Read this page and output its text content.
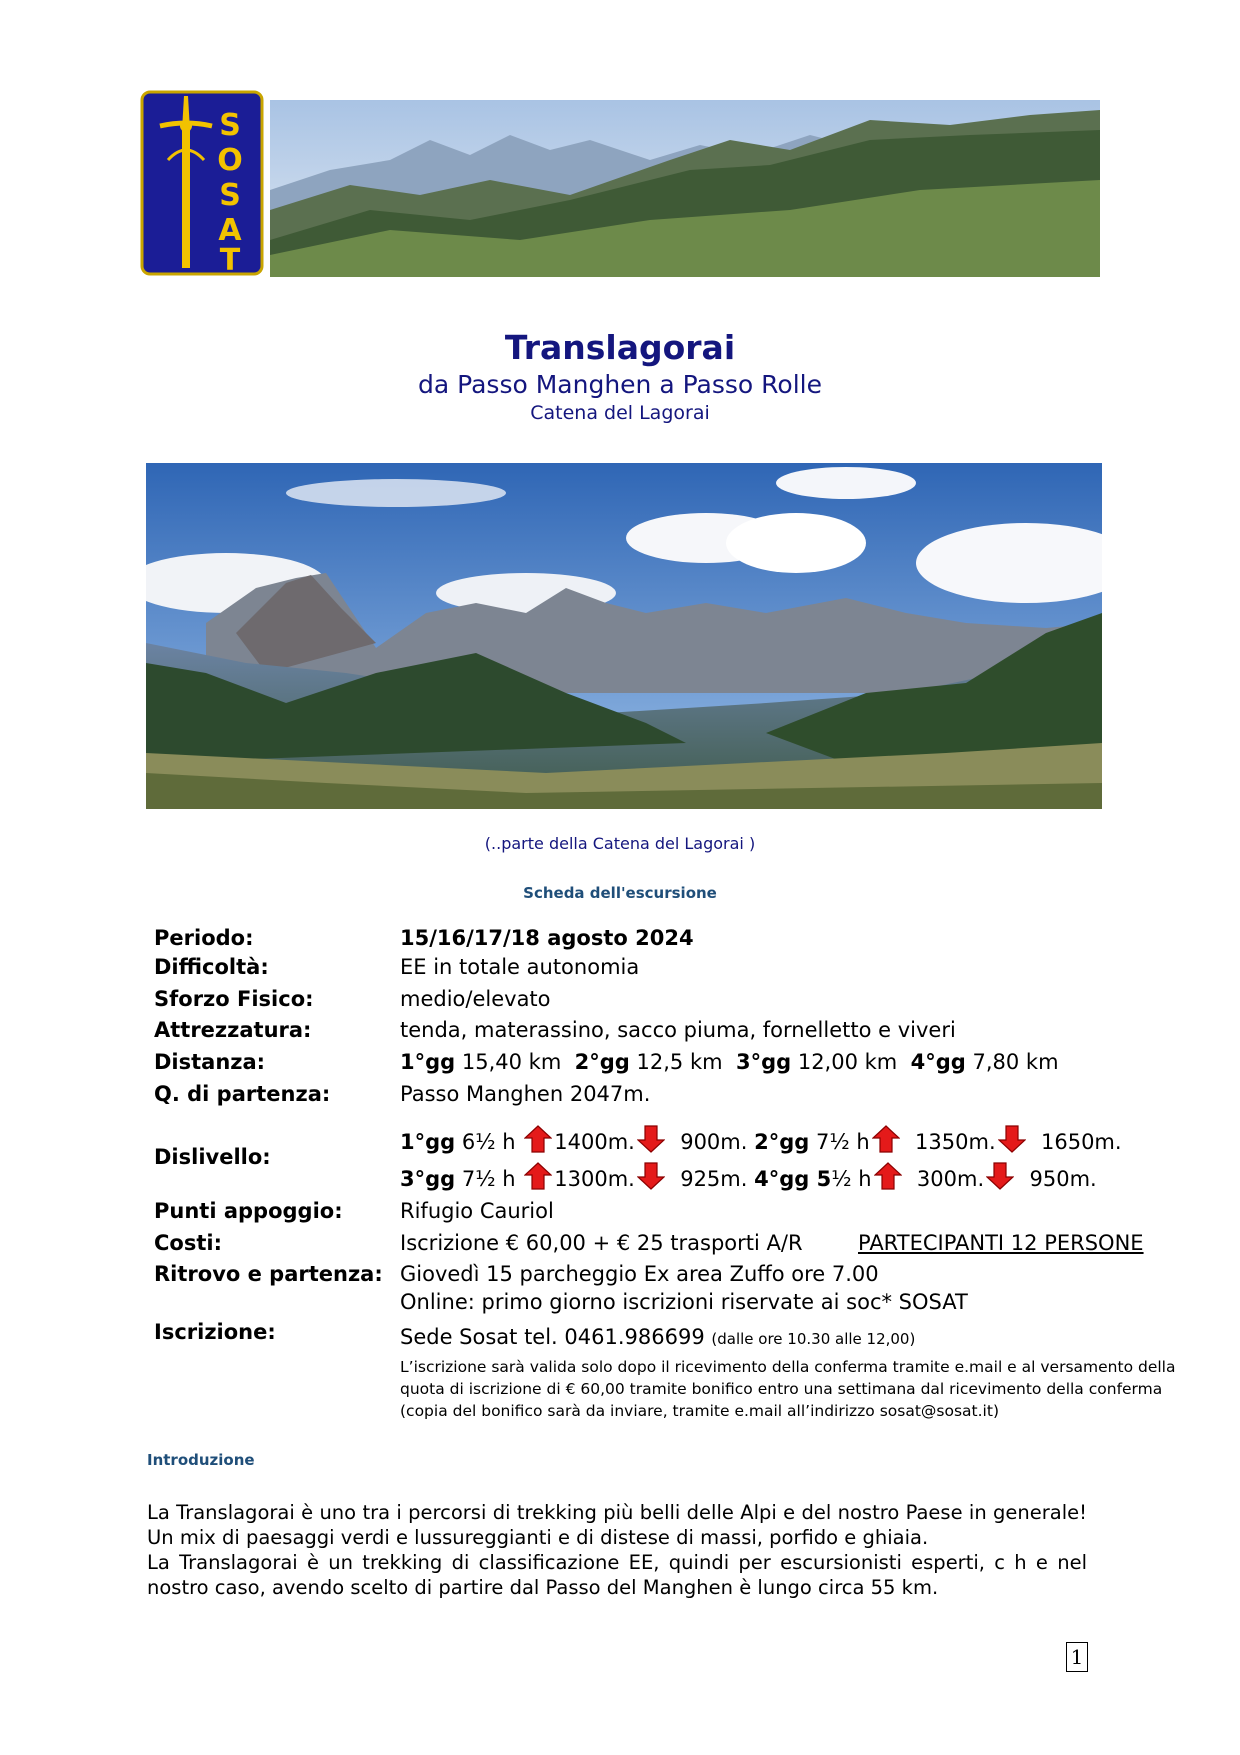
S
O
S
A
T
Translagorai
da Passo Manghen a Passo Rolle
Catena del Lagorai
(..parte della Catena del Lagorai )
Scheda dell'escursione
Periodo:	15/16/17/18 agosto 2024
Difficoltà:	EE in totale autonomia
Sforzo Fisico:	medio/elevato
Attrezzatura:	tenda, materassino, sacco piuma, fornelletto e viveri
Distanza:	1°gg 15,40 km 2°gg 12,5 km 3°gg 12,00 km 4°gg 7,80 km
Q. di partenza:	Passo Manghen 2047m.
Dislivello:
1°gg 6½ h 1400m. 900m. 2°gg 7½ h 1350m. 1650m.
3°gg 7½ h 1300m. 925m. 4°gg 5½ h 300m. 950m.
Punti appoggio:	Rifugio Cauriol
Costi:	Iscrizione € 60,00 + € 25 trasporti A/R	PARTECIPANTI 12 PERSONE
Ritrovo e partenza: Giovedì 15 parcheggio Ex area Zuffo ore 7.00
Online: primo giorno iscrizioni riservate ai soc* SOSAT
Iscrizione:	Sede Sosat tel. 0461.986699 (dalle ore 10.30 alle 12,00)
L’iscrizione sarà valida solo dopo il ricevimento della conferma tramite e.mail e al versamento della quota di iscrizione di € 60,00 tramite bonifico entro una settimana dal ricevimento della conferma (copia del bonifico sarà da inviare, tramite e.mail all’indirizzo sosat@sosat.it)
Introduzione

La Translagorai è uno tra i percorsi di trekking più belli delle Alpi e del nostro Paese in generale! Un mix di paesaggi verdi e lussureggianti e di distese di massi, porfido e ghiaia.

La Translagorai è un trekking di classificazione EE, quindi per escursionisti esperti, c h e nel nostro caso, avendo scelto di partire dal Passo del Manghen è lungo circa 55 km.

1
